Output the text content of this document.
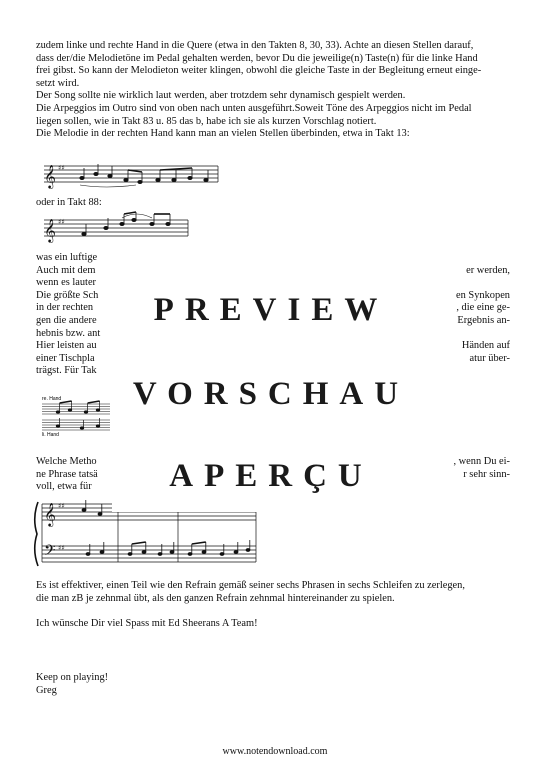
zudem linke und rechte Hand in die Quere (etwa in den Takten 8, 30, 33). Achte an diesen Stellen darauf,

dass der/die Melodietöne im Pedal gehalten werden, bevor Du die jeweilige(n) Taste(n) für die linke Hand

frei gibst. So kann der Melodieton weiter klingen, obwohl die gleiche Taste in der Begleitung erneut einge-

setzt wird.

Der Song sollte nie wirklich laut werden, aber trotzdem sehr dynamisch gespielt werden.

Die Arpeggios im Outro sind von oben nach unten ausgeführt.Soweit Töne des Arpeggios nicht im Pedal

liegen sollen, wie in Takt 83 u. 85 das b, habe ich sie als kurzen Vorschlag notiert.

Die Melodie in der rechten Hand kann man an vielen Stellen überbinden, etwa in Takt 13:

𝄞 ♯♯
oder in Takt 88:
𝄞 ♯♯
was ein luftige
Auch mit dem
wenn es lauter
Die größte Sch
in der rechten
gen die andere
hebnis bzw. ant
Hier leisten au
einer Tischpla
trägst. Für Tak
er werden,
en Synkopen
, die eine ge-
Ergebnis an-
Händen auf
atur über-
re. Hand
li. Hand
Welche Metho
ne Phrase tatsä
voll, etwa für
, wenn Du ei-
r sehr sinn-
𝄞
𝄢
♯♯
♯♯

Es ist effektiver, einen Teil wie den Refrain gemäß seiner sechs Phrasen in sechs Schleifen zu zerlegen,

die man zB je zehnmal übt, als den ganzen Refrain zehnmal hintereinander zu spielen.

Ich wünsche Dir viel Spass mit Ed Sheerans A Team!
Keep on playing!
Greg
PREVIEW
VORSCHAU
APERÇU
www.notendownload.com
